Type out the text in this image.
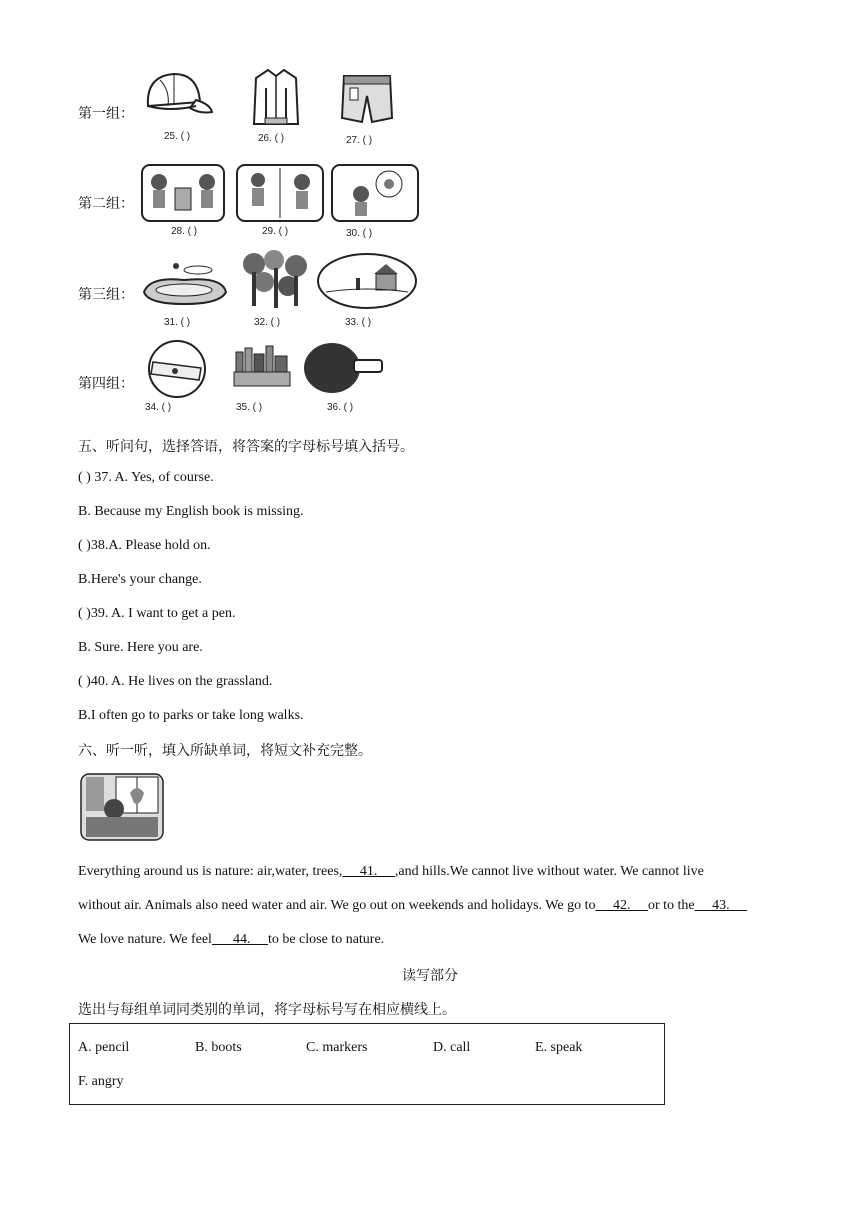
第一组：
第二组：
第三组：
第四组：
25. ( )	26. ( )	27. ( )
28. ( )	29. ( )	30. ( )
31. ( )	32. ( )	33. ( )
34. ( )	35. ( )	36. ( )
五、听问句，选择答语，将答案的字母标号填入括号。
( ) 37. A. Yes, of course.
B. Because my English book is missing.
( )38.A. Please hold on.
B.Here's your change.
( )39. A. I want to get a pen.
B. Sure. Here you are.
( )40. A. He lives on the grassland.
B.I often go to parks or take long walks.
六、听一听，填入所缺单词，将短文补充完整。
Everything around us is nature: air,water, trees,     41.     ,and hills.We cannot live without water. We cannot live
without air. Animals also need water and air. We go out on weekends and holidays. We go to     42.     or to the     43.
We love nature. We feel      44.     to be close to nature.
读写部分
选出与每组单词同类别的单词，将字母标号写在相应横线上。
A. pencil	B. boots	C. markers	D. call	E. speak
F. angry
